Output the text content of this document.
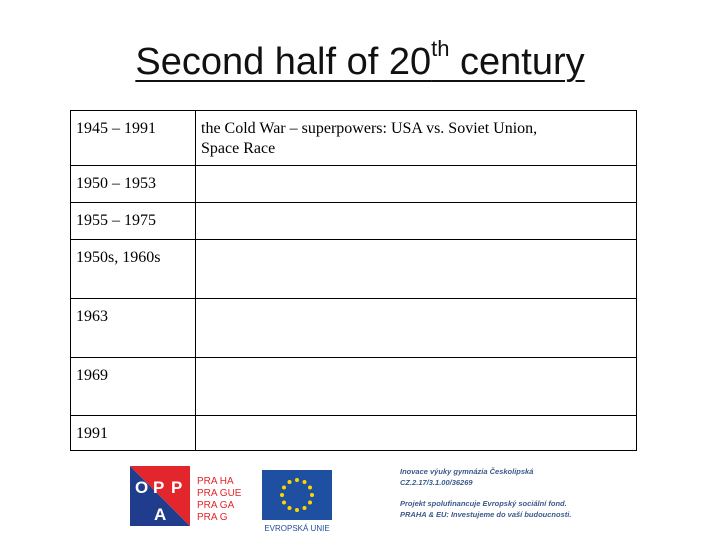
Second half of 20th century
1945 – 1991	the Cold War – superpowers: USA vs. Soviet Union,
Space Race

1950 – 1953	
1955 – 1975	
1950s, 1960s	
1963	
1969	
1991	
O P P
A
PRA HA
PRA GUE
PRA GA
PRA G
EVROPSKÁ UNIE

Inovace výuky gymnázia Českolipská
CZ.2.17/3.1.00/36269

Projekt spolufinancuje Evropský sociální fond.
PRAHA & EU: Investujeme do vaší budoucnosti.
